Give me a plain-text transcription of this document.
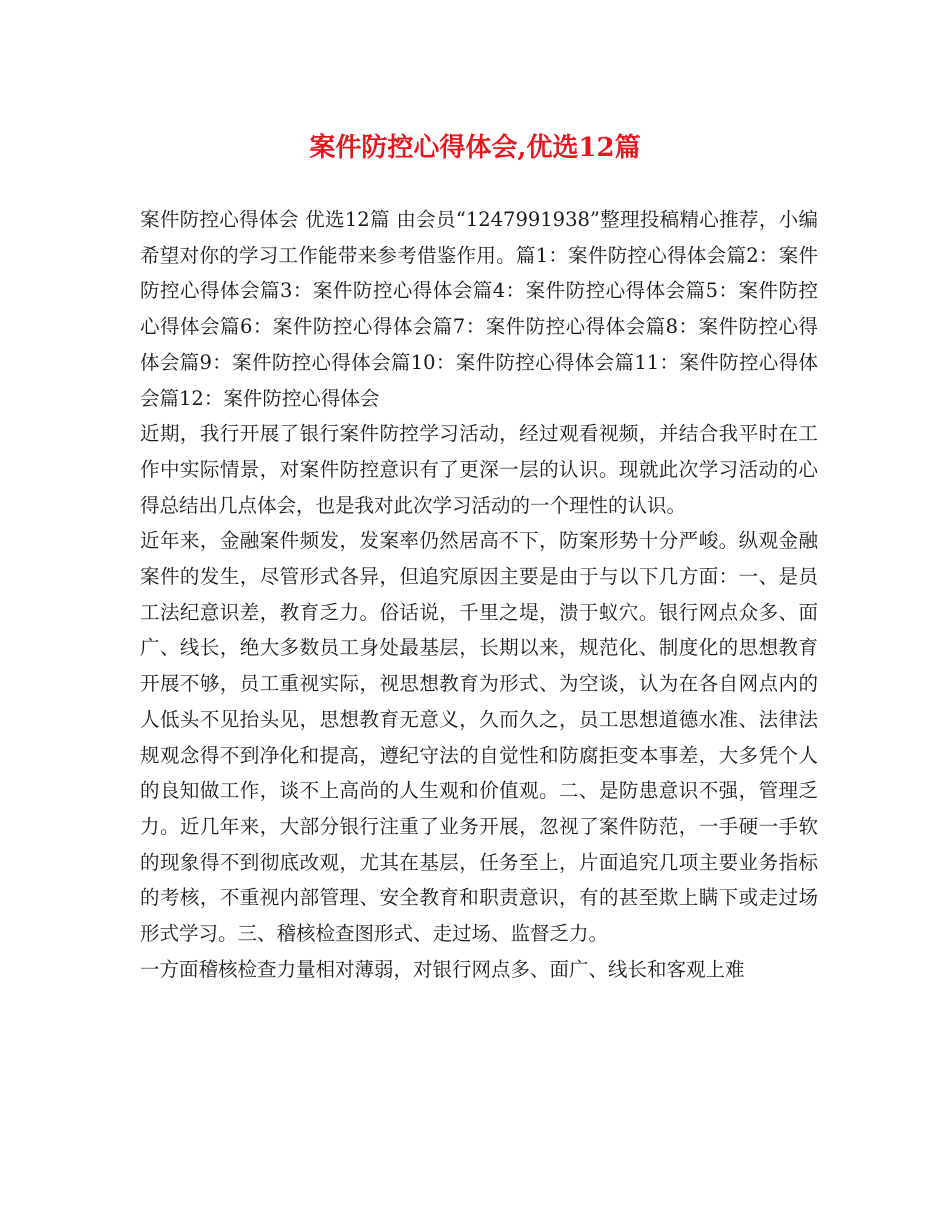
案件防控心得体会,优选12篇

案件防控心得体会 优选12篇 由会员“1247991938”整理投稿精心推荐，小编希望对你的学习工作能带来参考借鉴作用。篇1：案件防控心得体会篇2：案件防控心得体会篇3：案件防控心得体会篇4：案件防控心得体会篇5：案件防控心得体会篇6：案件防控心得体会篇7：案件防控心得体会篇8：案件防控心得体会篇9：案件防控心得体会篇10：案件防控心得体会篇11：案件防控心得体会篇12：案件防控心得体会

近期，我行开展了银行案件防控学习活动，经过观看视频，并结合我平时在工作中实际情景，对案件防控意识有了更深一层的认识。现就此次学习活动的心得总结出几点体会，也是我对此次学习活动的一个理性的认识。

近年来，金融案件频发，发案率仍然居高不下，防案形势十分严峻。纵观金融案件的发生，尽管形式各异，但追究原因主要是由于与以下几方面：一、是员工法纪意识差，教育乏力。俗话说，千里之堤，溃于蚁穴。银行网点众多、面广、线长，绝大多数员工身处最基层，长期以来，规范化、制度化的思想教育开展不够，员工重视实际，视思想教育为形式、为空谈，认为在各自网点内的人低头不见抬头见，思想教育无意义，久而久之，员工思想道德水准、法律法规观念得不到净化和提高，遵纪守法的自觉性和防腐拒变本事差，大多凭个人的良知做工作，谈不上高尚的人生观和价值观。二、是防患意识不强，管理乏力。近几年来，大部分银行注重了业务开展，忽视了案件防范，一手硬一手软的现象得不到彻底改观，尤其在基层，任务至上，片面追究几项主要业务指标的考核，不重视内部管理、安全教育和职责意识，有的甚至欺上瞒下或走过场形式学习。三、稽核检查图形式、走过场、监督乏力。

一方面稽核检查力量相对薄弱，对银行网点多、面广、线长和客观上难
